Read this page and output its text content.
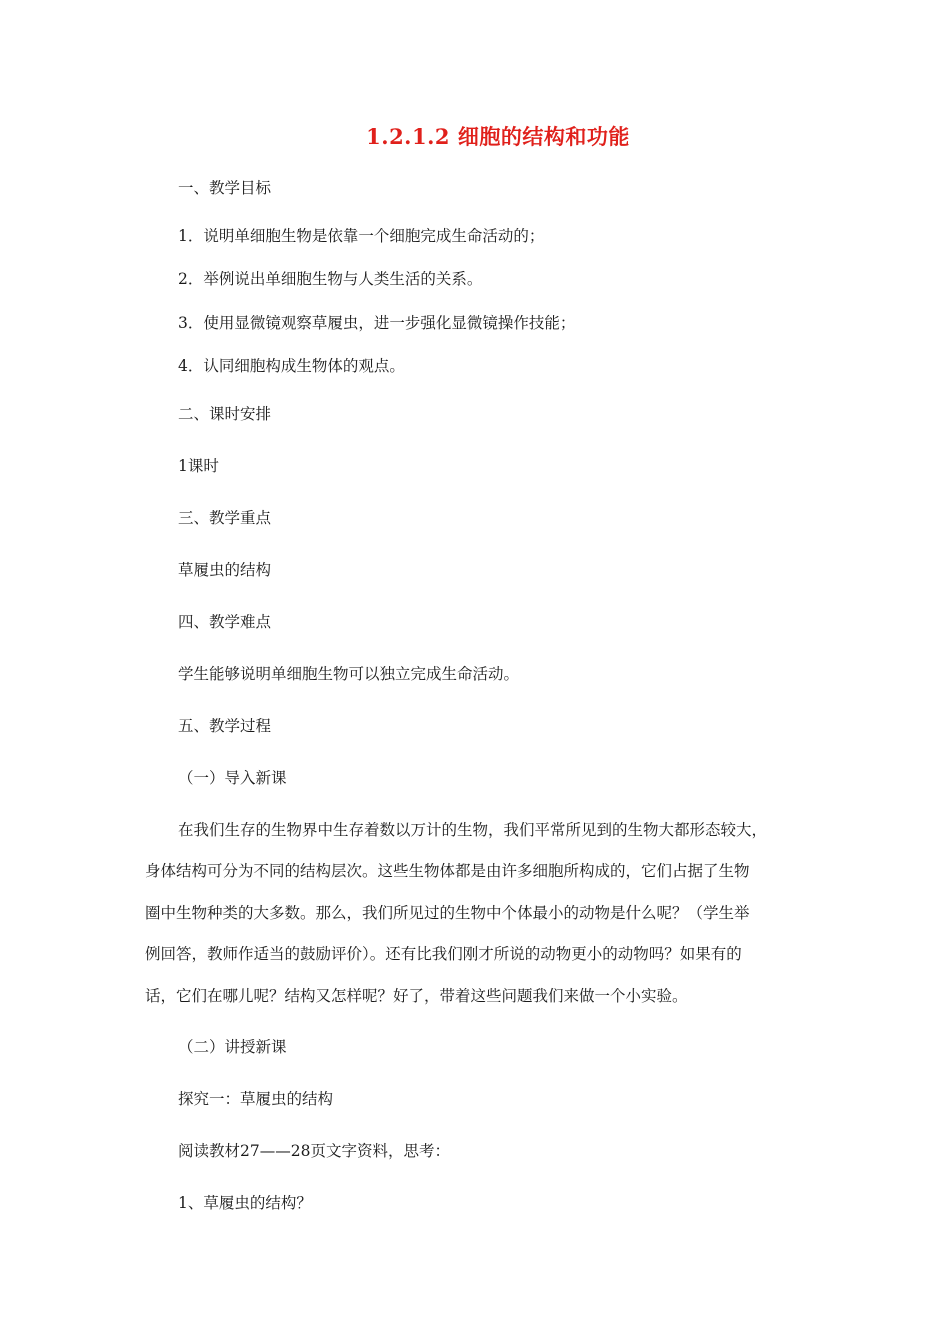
1.2.1.2 细胞的结构和功能
一、教学目标
1．说明单细胞生物是依靠一个细胞完成生命活动的；
2．举例说出单细胞生物与人类生活的关系。
3．使用显微镜观察草履虫，进一步强化显微镜操作技能；
4．认同细胞构成生物体的观点。
二、课时安排
1课时
三、教学重点
草履虫的结构
四、教学难点
学生能够说明单细胞生物可以独立完成生命活动。
五、教学过程
（一）导入新课
在我们生存的生物界中生存着数以万计的生物，我们平常所见到的生物大都形态较大，
身体结构可分为不同的结构层次。这些生物体都是由许多细胞所构成的，它们占据了生物
圈中生物种类的大多数。那么，我们所见过的生物中个体最小的动物是什么呢？（学生举
例回答，教师作适当的鼓励评价）。还有比我们刚才所说的动物更小的动物吗？如果有的
话，它们在哪儿呢？结构又怎样呢？好了，带着这些问题我们来做一个小实验。
（二）讲授新课
探究一：草履虫的结构
阅读教材27——28页文字资料，思考：
1、草履虫的结构？
